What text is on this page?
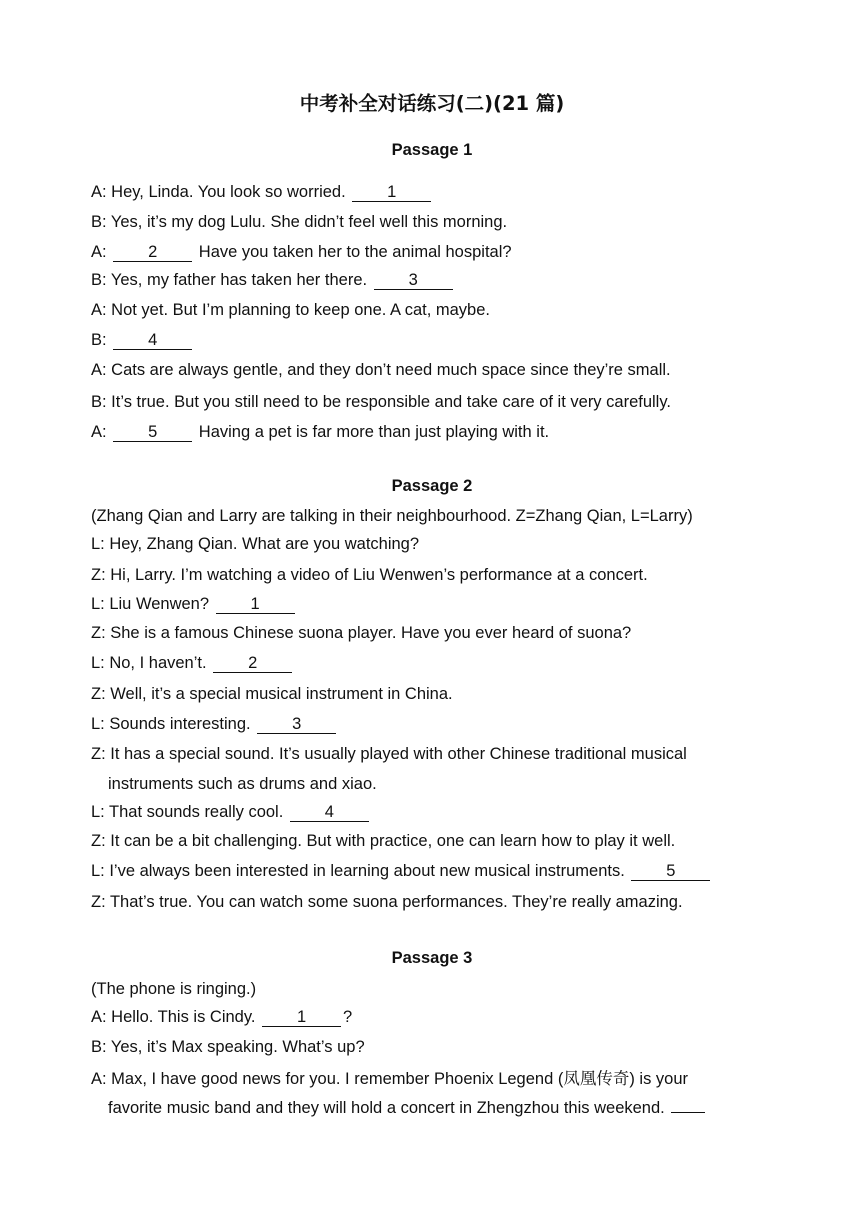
中考补全对话练习(二)(21 篇)
Passage 1
A: Hey, Linda. You look so worried. 1
B: Yes, it’s my dog Lulu. She didn’t feel well this morning.
A: 2 Have you taken her to the animal hospital?
B: Yes, my father has taken her there. 3
A: Not yet. But I’m planning to keep one. A cat, maybe.
B: 4
A: Cats are always gentle, and they don’t need much space since they’re small.
B: It’s true. But you still need to be responsible and take care of it very carefully.
A: 5 Having a pet is far more than just playing with it.
Passage 2
(Zhang Qian and Larry are talking in their neighbourhood. Z=Zhang Qian, L=Larry)
L: Hey, Zhang Qian. What are you watching?
Z: Hi, Larry. I’m watching a video of Liu Wenwen’s performance at a concert.
L: Liu Wenwen? 1
Z: She is a famous Chinese suona player. Have you ever heard of suona?
L: No, I haven’t. 2
Z: Well, it’s a special musical instrument in China.
L: Sounds interesting. 3
Z: It has a special sound. It’s usually played with other Chinese traditional musical
instruments such as drums and xiao.
L: That sounds really cool. 4
Z: It can be a bit challenging. But with practice, one can learn how to play it well.
L: I’ve always been interested in learning about new musical instruments. 5
Z: That’s true. You can watch some suona performances. They’re really amazing.
Passage 3
(The phone is ringing.)
A: Hello. This is Cindy. 1 ?
B: Yes, it’s Max speaking. What’s up?
A: Max, I have good news for you. I remember Phoenix Legend (凤凰传奇) is your
favorite music band and they will hold a concert in Zhengzhou this weekend.
